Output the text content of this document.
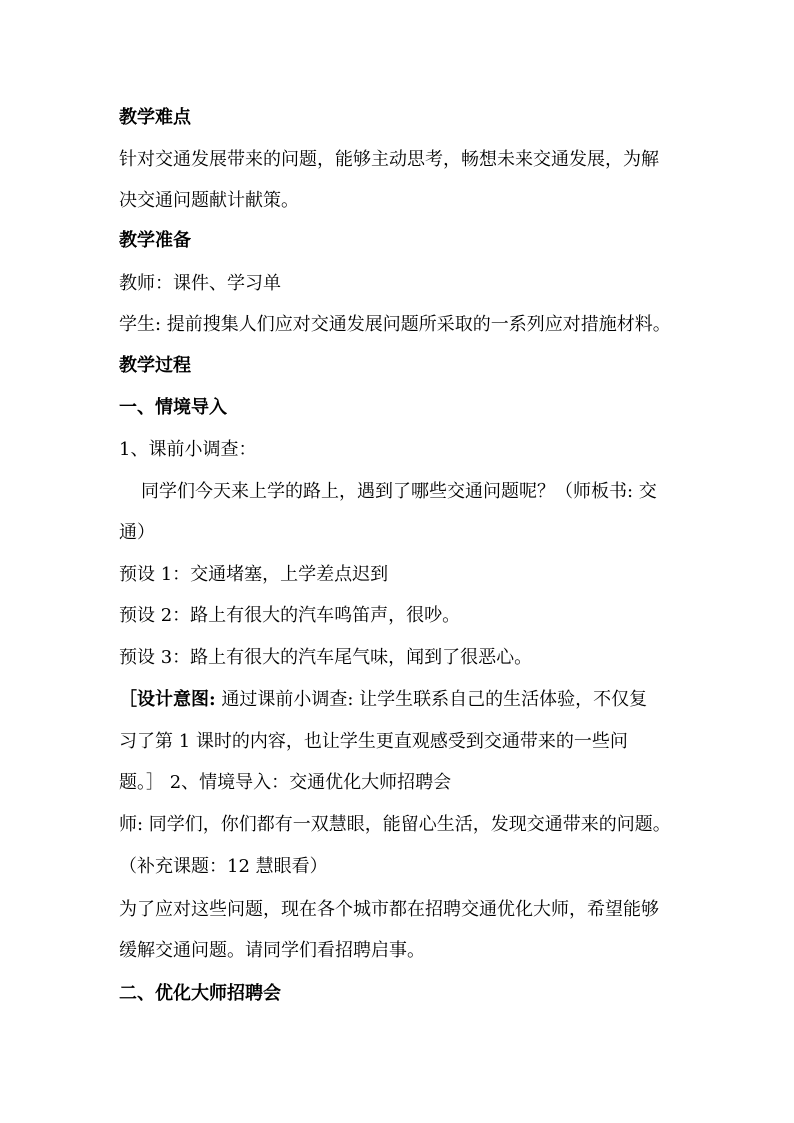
教学难点
针对交通发展带来的问题，能够主动思考，畅想未来交通发展，为解
决交通问题献计献策。
教学准备
教师：课件、学习单
学生: 提前搜集人们应对交通发展问题所采取的一系列应对措施材料。
教学过程
一、情境导入
1、课前小调查：
同学们今天来上学的路上，遇到了哪些交通问题呢？（师板书: 交
通）
预设 1：交通堵塞，上学差点迟到
预设 2：路上有很大的汽车鸣笛声，很吵。
预设 3：路上有很大的汽车尾气味，闻到了很恶心。
［设计意图: 通过课前小调查: 让学生联系自己的生活体验，不仅复
习了第 1 课时的内容，也让学生更直观感受到交通带来的一些问
题。］ 2、情境导入：交通优化大师招聘会
师: 同学们，你们都有一双慧眼，能留心生活，发现交通带来的问题。
（补充课题：12 慧眼看）
为了应对这些问题，现在各个城市都在招聘交通优化大师，希望能够
缓解交通问题。请同学们看招聘启事。
二、优化大师招聘会
